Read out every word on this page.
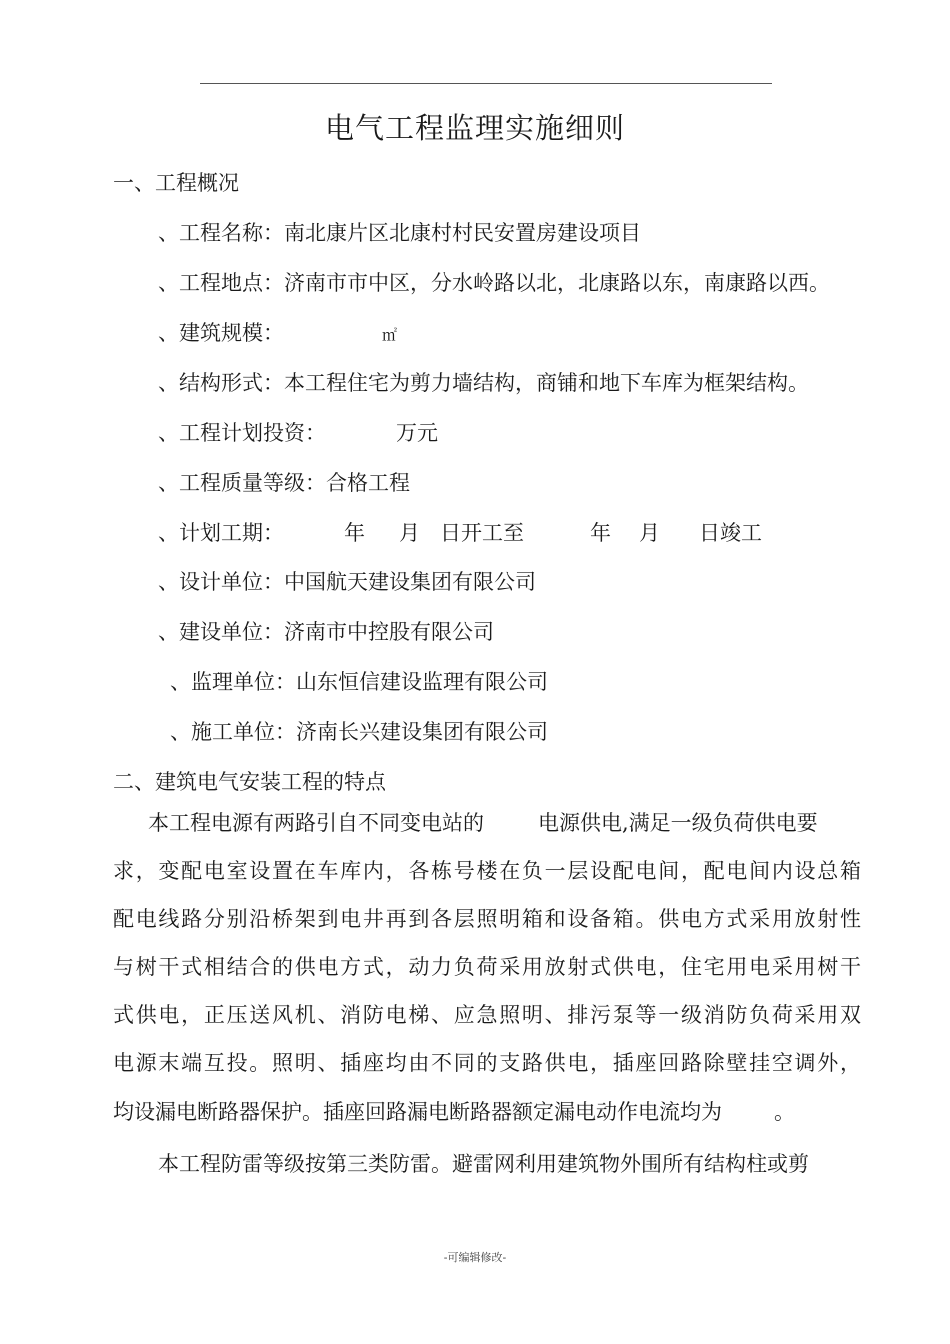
电气工程监理实施细则
一、工程概况
、工程名称：南北康片区北康村村民安置房建设项目
、工程地点：济南市市中区，分水岭路以北，北康路以东，南康路以西。
、建筑规模：	㎡
、结构形式：本工程住宅为剪力墙结构，商铺和地下车库为框架结构。
、工程计划投资：	万元
、工程质量等级：合格工程
、计划工期：	年 月 日开工至	年 月 日竣工
、设计单位：中国航天建设集团有限公司
、建设单位：济南市中控股有限公司
、监理单位：山东恒信建设监理有限公司
、施工单位：济南长兴建设集团有限公司
二、建筑电气安装工程的特点
本工程电源有两路引自不同变电站的	电源供电,满足一级负荷供电要
求，变配电室设置在车库内，各栋号楼在负一层设配电间，配电间内设总箱
配电线路分别沿桥架到电井再到各层照明箱和设备箱。供电方式采用放射性
与树干式相结合的供电方式，动力负荷采用放射式供电，住宅用电采用树干
式供电，正压送风机、消防电梯、应急照明、排污泵等一级消防负荷采用双
电源末端互投。照明、插座均由不同的支路供电，插座回路除壁挂空调外，
均设漏电断路器保护。插座回路漏电断路器额定漏电动作电流均为 。
本工程防雷等级按第三类防雷。避雷网利用建筑物外围所有结构柱或剪
-可编辑修改-
